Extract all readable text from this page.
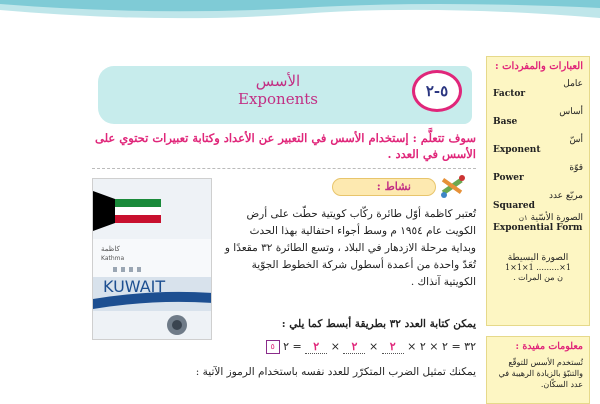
الأسس
Exponents	٥-٢
سوف تتعلَّم : إستخدام الأسس في التعبير عن الأعداد وكتابة تعبيرات تحتوي على الأسس في العدد .
نشاط :
كاظمة
Kathma
KUWAIT
تُعتبر كاظمة أوّل طائرة ركّاب كويتية حطّت على أرض الكويت عام ١٩٥٤ م وسط أجواء احتفالية بهذا الحدث وبداية مرحلة الازدهار في البلاد ، وتسع الطائرة ٣٢ مقعدًا و تُعَدّ واحدة من أعمدة أسطول شركة الخطوط الجوّية الكويتية آنذاك .
يمكن كتابة العدد ٣٢ بطريقة أبسط كما يلي :
٣٢ = ٢ × ٢ × ٢ × ٢ × ٢ = ٢ ٥
يمكنك تمثيل الضرب المتكرّر للعدد نفسه باستخدام الرموز الآتية :
العبارات والمفردات :
عامل
Factor
أساس
Base
أسّ
Exponent
قوّة
Power
مربّع عدد
Squared
الصورة الأسّية ١ن
Exponential Form
الصورة البسيطة
1×1×1 .........×1
ن من المرات .
معلومات مفيدة :
تُستخدم الأسس للتوقّع والتنبّؤ بالزيادة الرهيبة في عدد السكّان.
